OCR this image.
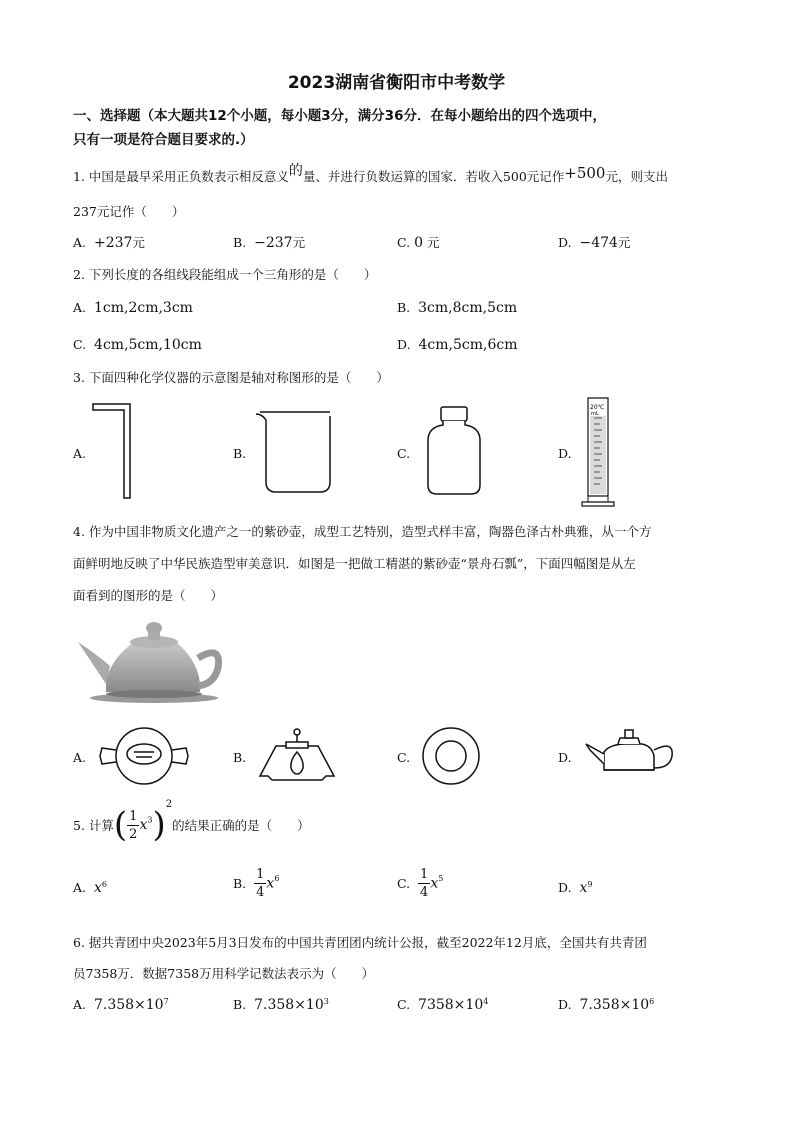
2023湖南省衡阳市中考数学
一、选择题（本大题共12个小题，每小题3分，满分36分．在每小题给出的四个选项中，
只有一项是符合题目要求的.）
1. 中国是最早采用正负数表示相反意义的量、并进行负数运算的国家．若收入500元记作+500元，则支出
237元记作（　　）
A. +237元	B. −237元	C. 0 元	D. −474元
2. 下列长度的各组线段能组成一个三角形的是（　　）
A. 1cm,2cm,3cm	B. 3cm,8cm,5cm
C. 4cm,5cm,10cm	D. 4cm,5cm,6cm
3. 下面四种化学仪器的示意图是轴对称图形的是（　　）
A.	B.	C.	D.
20℃
mL
4. 作为中国非物质文化遗产之一的紫砂壶，成型工艺特别，造型式样丰富，陶器色泽古朴典雅，从一个方
面鲜明地反映了中华民族造型审美意识．如图是一把做工精湛的紫砂壶“景舟石瓢”，下面四幅图是从左
面看到的图形的是（　　）
A.	B.	C.	D.
5. 计算( $\frac{1}{2} x^3)^2$的结果正确的是（　　）
A. $x^6$	B. $\frac{1}{4} x^6$	C. $\frac{1}{4} x^5$
D. $x^9$
6. 据共青团中央2023年5月3日发布的中国共青团团内统计公报，截至2022年12月底，全国共有共青团
员7358万．数据7358万用科学记数法表示为（　　）
A. $7.358\times 10^7$	B. $7.358\times 10^3$	C. $7358\times 10^4$	D. $7.358\times 10^6$
